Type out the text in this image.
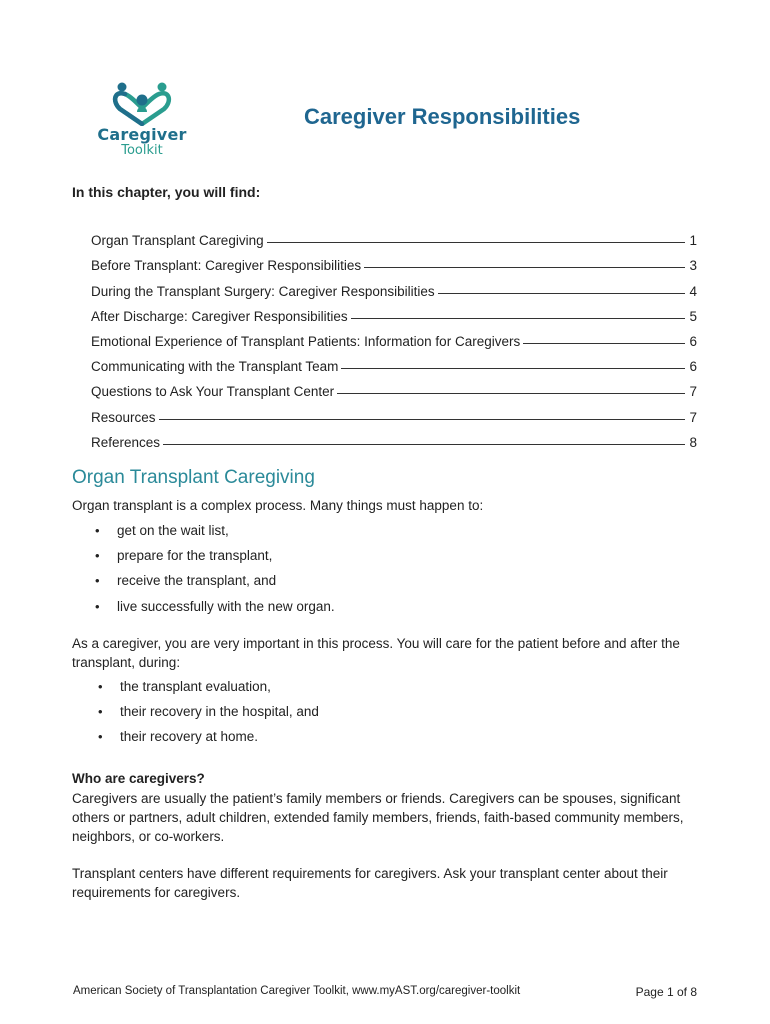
Caregiver
Toolkit
Caregiver Responsibilities

In this chapter, you will find:

Organ Transplant Caregiving	1
Before Transplant: Caregiver Responsibilities	3
During the Transplant Surgery: Caregiver Responsibilities	4
After Discharge: Caregiver Responsibilities	5
Emotional Experience of Transplant Patients: Information for Caregivers	6
Communicating with the Transplant Team	6
Questions to Ask Your Transplant Center	7
Resources	7
References	8
Organ Transplant Caregiving

Organ transplant is a complex process. Many things must happen to:

• get on the wait list,
• prepare for the transplant,
• receive the transplant, and
• live successfully with the new organ.

As a caregiver, you are very important in this process. You will care for the patient before and after the transplant, during:

• the transplant evaluation,
• their recovery in the hospital, and
• their recovery at home.

Who are caregivers?

Caregivers are usually the patient’s family members or friends. Caregivers can be spouses, significant others or partners, adult children, extended family members, friends, faith-based community members, neighbors, or co-workers.

Transplant centers have different requirements for caregivers. Ask your transplant center about their requirements for caregivers.

American Society of Transplantation Caregiver Toolkit, www.myAST.org/caregiver-toolkit	Page 1 of 8
